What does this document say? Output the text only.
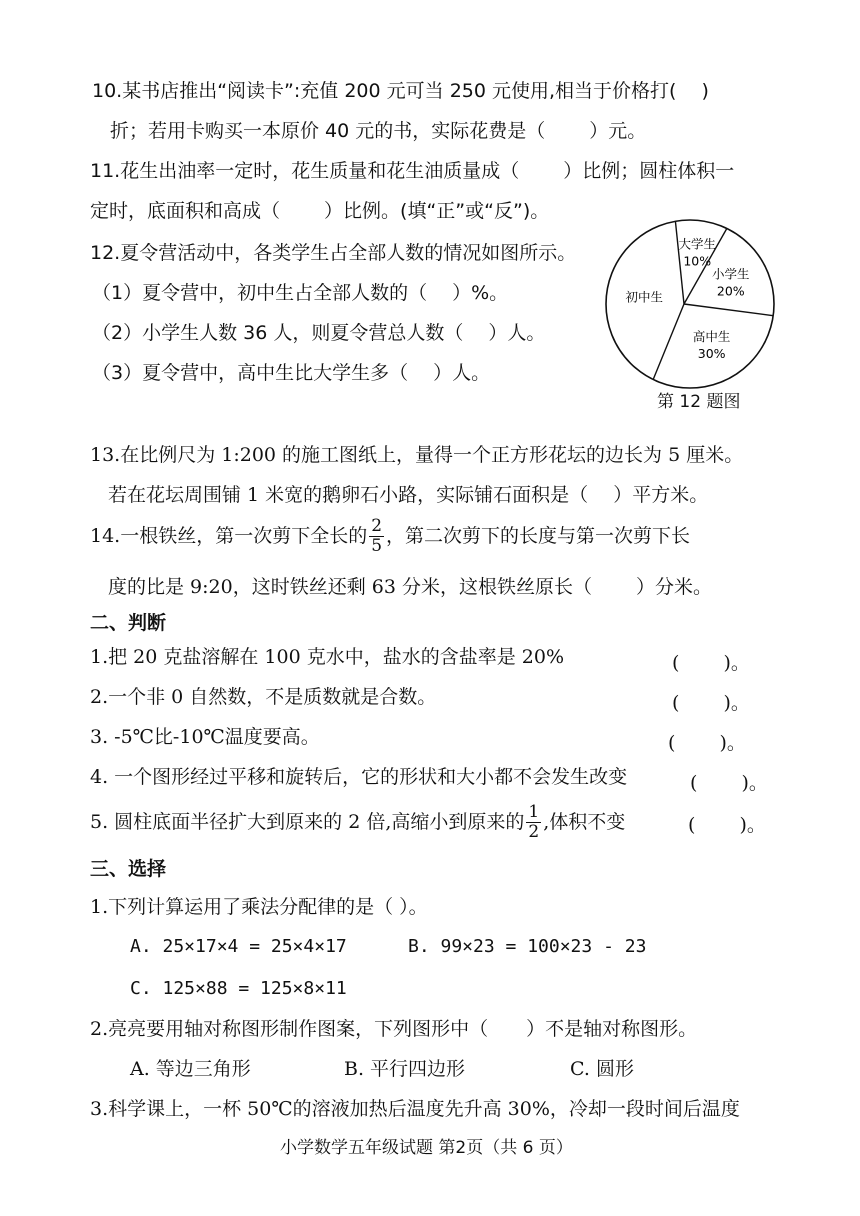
10.某书店推出“阅读卡”:充值 200 元可当 250 元使用,相当于价格打(　 )
折；若用卡购买一本原价 40 元的书，实际花费是（　　 ）元。
11.花生出油率一定时，花生质量和花生油质量成（　　 ）比例；圆柱体积一
定时，底面积和高成（　　 ）比例。(填“正”或“反”)。
12.夏令营活动中，各类学生占全部人数的情况如图所示。
（1）夏令营中，初中生占全部人数的（　 ）%。
（2）小学生人数 36 人，则夏令营总人数（　 ）人。
（3）夏令营中，高中生比大学生多（　 ）人。
大学生
10%
小学生
20%
高中生
30%
初中生
第 12 题图
13.在比例尺为 1:200 的施工图纸上，量得一个正方形花坛的边长为 5 厘米。
若在花坛周围铺 1 米宽的鹅卵石小路，实际铺石面积是（　 ）平方米。
14.一根铁丝，第一次剪下全长的 $\frac{2}{5}$ ，第二次剪下的长度与第一次剪下长
度的比是 9:20，这时铁丝还剩 63 分米，这根铁丝原长（　　 ）分米。
二、判断
1.把 20 克盐溶解在 100 克水中，盐水的含盐率是 20%	(　　 )。
2.一个非 0 自然数，不是质数就是合数。	(　　 )。
3. -5℃比-10℃温度要高。	(　　 )。
4. 一个图形经过平移和旋转后，它的形状和大小都不会发生改变	(　　 )。
5. 圆柱底面半径扩大到原来的 2 倍,高缩小到原来的 $\frac{1}{2}$ ,体积不变	(　　 )。
三、选择
1.下列计算运用了乘法分配律的是（ ）。
A. 25×17×4 = 25×4×17	B. 99×23 = 100×23 - 23
C. 125×88 = 125×8×11
2.亮亮要用轴对称图形制作图案，下列图形中（　　）不是轴对称图形。
A. 等边三角形	B. 平行四边形	C. 圆形
3.科学课上，一杯 50℃的溶液加热后温度先升高 30%，冷却一段时间后温度
小学数学五年级试题 第2页（共 6 页）
